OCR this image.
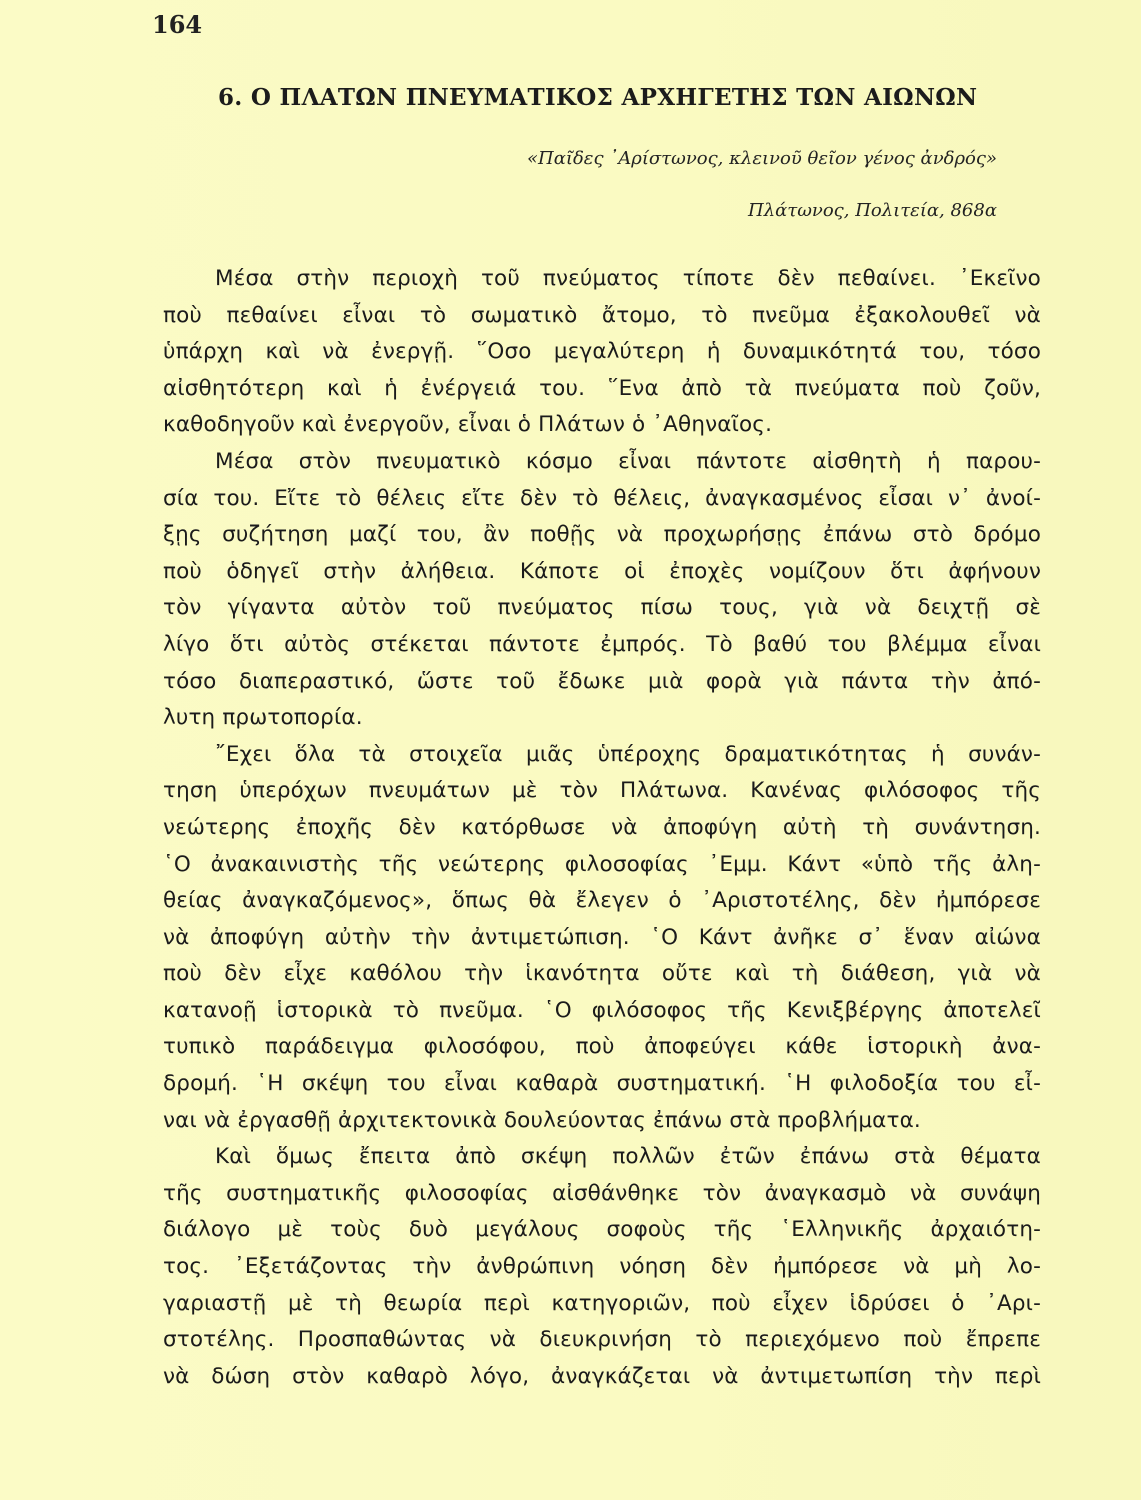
164
6. Ο ΠΛΑΤΩΝ ΠΝΕΥΜΑΤΙΚΟΣ ΑΡΧΗΓΕΤΗΣ ΤΩΝ ΑΙΩΝΩΝ
«Παῖδες ᾿Αρίστωνος, κλεινοῦ θεῖον γένος ἀνδρός»
Πλάτωνος, Πολιτεία, 868α
Μέσα στὴν περιοχὴ τοῦ πνεύματος τίποτε δὲν πεθαίνει. ᾿Εκεῖνο
ποὺ πεθαίνει εἶναι τὸ σωματικὸ ἄτομο, τὸ πνεῦμα ἐξακολουθεῖ νὰ
ὑπάρχη καὶ νὰ ἐνεργῇ. ῞Οσο μεγαλύτερη ἡ δυναμικότητά του, τόσο
αἰσθητότερη καὶ ἡ ἐνέργειά του. ῞Ενα ἀπὸ τὰ πνεύματα ποὺ ζοῦν,
καθοδηγοῦν καὶ ἐνεργοῦν, εἶναι ὁ Πλάτων ὁ ᾿Αθηναῖος.
Μέσα στὸν πνευματικὸ κόσμο εἶναι πάντοτε αἰσθητὴ ἡ παρου-
σία του. Εἴτε τὸ θέλεις εἴτε δὲν τὸ θέλεις, ἀναγκασμένος εἶσαι ν᾿ ἀνοί-
ξῃς συζήτηση μαζί του, ἂν ποθῇς νὰ προχωρήσῃς ἐπάνω στὸ δρόμο
ποὺ ὁδηγεῖ στὴν ἀλήθεια. Κάποτε οἱ ἐποχὲς νομίζουν ὅτι ἀφήνουν
τὸν γίγαντα αὐτὸν τοῦ πνεύματος πίσω τους, γιὰ νὰ δειχτῇ σὲ
λίγο ὅτι αὐτὸς στέκεται πάντοτε ἐμπρός. Τὸ βαθύ του βλέμμα εἶναι
τόσο διαπεραστικό, ὥστε τοῦ ἔδωκε μιὰ φορὰ γιὰ πάντα τὴν ἀπό-
λυτη πρωτοπορία.
῎Εχει ὅλα τὰ στοιχεῖα μιᾶς ὑπέροχης δραματικότητας ἡ συνάν-
τηση ὑπερόχων πνευμάτων μὲ τὸν Πλάτωνα. Κανένας φιλόσοφος τῆς
νεώτερης ἐποχῆς δὲν κατόρθωσε νὰ ἀποφύγη αὐτὴ τὴ συνάντηση.
῾Ο ἀνακαινιστὴς τῆς νεώτερης φιλοσοφίας ᾿Εμμ. Κάντ «ὑπὸ τῆς ἀλη-
θείας ἀναγκαζόμενος», ὅπως θὰ ἔλεγεν ὁ ᾿Αριστοτέλης, δὲν ἠμπόρεσε
νὰ ἀποφύγη αὐτὴν τὴν ἀντιμετώπιση. ῾Ο Κάντ ἀνῆκε σ᾿ ἕναν αἰώνα
ποὺ δὲν εἶχε καθόλου τὴν ἱκανότητα οὔτε καὶ τὴ διάθεση, γιὰ νὰ
κατανοῇ ἱστορικὰ τὸ πνεῦμα. ῾Ο φιλόσοφος τῆς Κενιξβέργης ἀποτελεῖ
τυπικὸ παράδειγμα φιλοσόφου, ποὺ ἀποφεύγει κάθε ἱστορικὴ ἀνα-
δρομή. ῾Η σκέψη του εἶναι καθαρὰ συστηματική. ῾Η φιλοδοξία του εἶ-
ναι νὰ ἐργασθῇ ἀρχιτεκτονικὰ δουλεύοντας ἐπάνω στὰ προβλήματα.
Καὶ ὅμως ἔπειτα ἀπὸ σκέψη πολλῶν ἐτῶν ἐπάνω στὰ θέματα
τῆς συστηματικῆς φιλοσοφίας αἰσθάνθηκε τὸν ἀναγκασμὸ νὰ συνάψη
διάλογο μὲ τοὺς δυὸ μεγάλους σοφοὺς τῆς ῾Ελληνικῆς ἀρχαιότη-
τος. ᾿Εξετάζοντας τὴν ἀνθρώπινη νόηση δὲν ἠμπόρεσε νὰ μὴ λο-
γαριαστῇ μὲ τὴ θεωρία περὶ κατηγοριῶν, ποὺ εἶχεν ἱδρύσει ὁ ᾿Αρι-
στοτέλης. Προσπαθώντας νὰ διευκρινήση τὸ περιεχόμενο ποὺ ἔπρεπε
νὰ δώση στὸν καθαρὸ λόγο, ἀναγκάζεται νὰ ἀντιμετωπίση τὴν περὶ
